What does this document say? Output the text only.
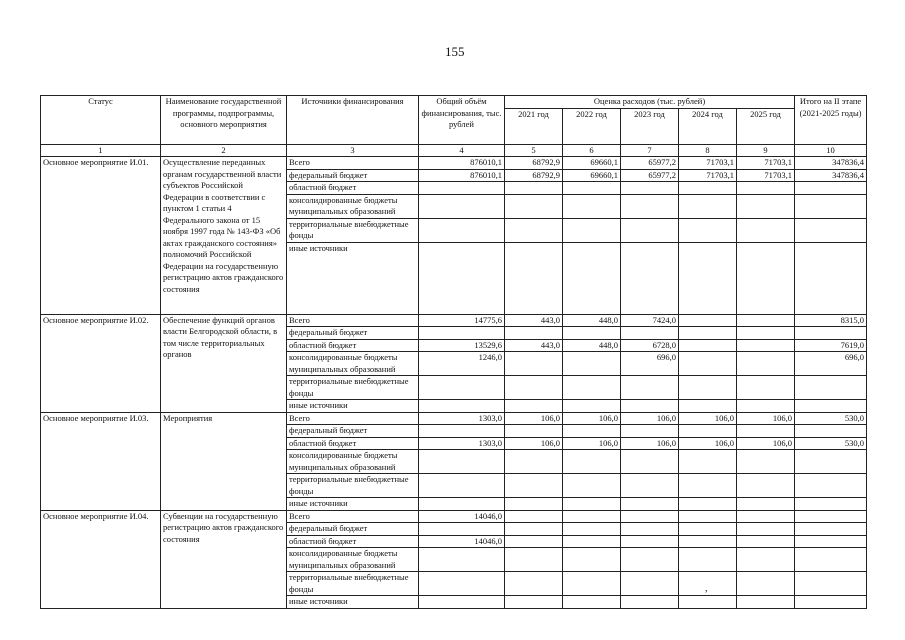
155
Статус	Наименование государственной программы, подпрограммы, основного мероприятия	Источники финансирования	Общий объём финансирования, тыс. рублей	Оценка расходов (тыс. рублей)					Итого на II этапе (2021-2025 годы)
				2021 год	2022 год	2023 год	2024 год	2025 год	
1	2	3	4	5	6	7	8	9	10
Основное мероприятие И.01.	Осуществление переданных органам государственной власти субъектов Российской Федерации в соответствии с пунктом 1 статьи 4 Федерального закона от 15 ноября 1997 года № 143-ФЗ «Об актах гражданского состояния» полномочий Российской Федерации на государственную регистрацию актов гражданского состояния	Всего	876010,1	68792,9	69660,1	65977,2	71703,1	71703,1	347836,4
		федеральный бюджет	876010,1	68792,9	69660,1	65977,2	71703,1	71703,1	347836,4
		областной бюджет							
		консолидированные бюджеты муниципальных образований							
		территориальные внебюджетные фонды							
		иные источники							
Основное мероприятие И.02.	Обеспечение функций органов власти Белгородской области, в том числе территориальных органов	Всего	14775,6	443,0	448,0	7424,0			8315,0
		федеральный бюджет							
		областной бюджет	13529,6	443,0	448,0	6728,0			7619,0
		консолидированные бюджеты муниципальных образований	1246,0			696,0			696,0
		территориальные внебюджетные фонды							
		иные источники							
Основное мероприятие И.03.	Мероприятия	Всего	1303,0	106,0	106,0	106,0	106,0	106,0	530,0
		федеральный бюджет							
		областной бюджет	1303,0	106,0	106,0	106,0	106,0	106,0	530,0
		консолидированные бюджеты муниципальных образований							
		территориальные внебюджетные фонды							
		иные источники							
Основное мероприятие И.04.	Субвенции на государственную регистрацию актов гражданского состояния	Всего	14046,0						
		федеральный бюджет							
		областной бюджет	14046,0						
		консолидированные бюджеты муниципальных образований							
		территориальные внебюджетные фонды							
		иные источники							
,
